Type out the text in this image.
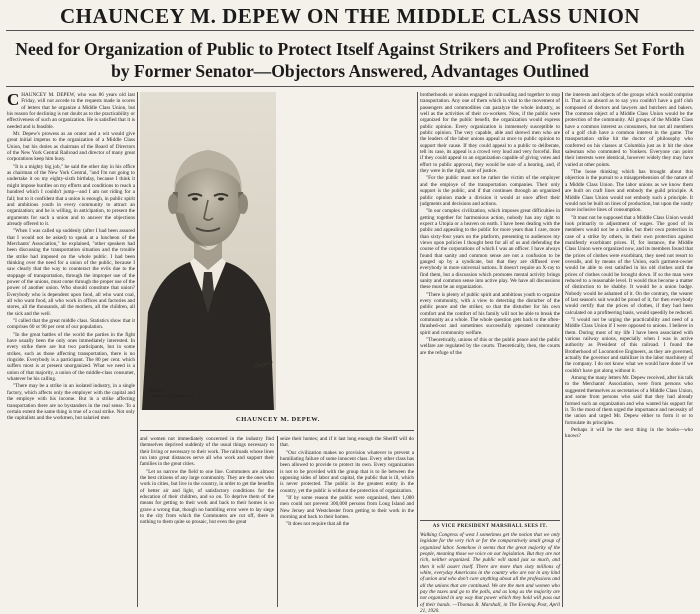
CHAUNCEY M. DEPEW ON THE MIDDLE CLASS UNION
Need for Organization of Public to Protect Itself Against Strikers and Profiteers Set Forth by Former Senator—Objectors Answered, Advantages Outlined

CHAUNCEY M. DEPEW, who was 86 years old last Friday, will not accede to the requests made in scores of letters that he organize a Middle Class Union, but his reason for declining is not doubt as to the practicability or effectiveness of such an organization. He is satisfied that it is needed and is feasible.

Mr. Depew's prowess as an orator and a wit would give great initial impetus to the organization of a Middle Class Union, but his duties as chairman of the Board of Directors of the New York Central Railroad and director of many great corporations keep him busy.

"It is a mighty big job," he said the other day in his office as chairman of the New York Central, "and I'm not going to undertake it on my eighty-sixth birthday, because I think it might impose hurdles on my efforts and conditions to reach a hundred which I couldn't jump—and I am not riding for a fall; but to it confident that a union is enough, in public spirit and ambitious youth in every community to attract an organization; and he is willing, in anticipation, to present the arguments for such a union and to answer the objections already offered to it.

"When I was called up suddenly (after I had been assured that I would not be asked) to speak at a luncheon of the Merchants' Association," he explained, "other speakers had been discussing the transportation situation and the trouble the strike had imposed on the whole public. I had been thinking over the need for a union of the public, because I saw clearly that the way to counteract the evils due to the stoppage of transportation, through the improper use of the power of the unions, must come through the proper use of the power of another union. Who should constitute that union? Everybody who is dependent upon food, all who want coal, all who want food, all who work in offices and factories and stores, all the thousands, all the mothers, all the children, all the sick and the well.

"I called that the great middle class. Statistics show that it comprises 60 or 90 per cent of our population.

"In the great battles of the world the parties in the fight have usually been the only ones immediately interested. In every strike there are but two participants, but in some strikes, such as those affecting transportation, there is no ringside. Everybody is a participant. The 80 per cent. which suffers most is at present unorganized. What we need is a union of that majority, a union of the middle-class consumer, whatever be his calling.

"There may be a strike in an isolated industry, in a single factory, which affects only the employer with the capital and the employe with his income. But in a strike affecting transportation there are no bystanders in the real sense. To a certain extent the same thing is true of a coal strike. Not only the capitalists and the workmen, but salaried men

Depew
Photo ©
Underwood & Underwood
CHAUNCEY M. DEPEW.

and women not immediately concerned in the industry find themselves deprived suddenly of the usual things necessary to their living or necessary to their work. The railroads whose lines run into great distances serve all who work and support their families in the great cities.

"Let us narrow the field to one line. Commuters are almost the best citizens of any large community. They are the ones who work in cities, but live in the country, in order to get the benefits of better air and light, of satisfactory conditions for the education of their children, and so on. To deprive them of the means for getting to their work and back to their homes is so grave a wrong that, though no humbling error were to lay siege to the city from which the Commuters are cut off, there is nothing to them quite so prosaic, but even the great

seize their homes; and if it last long enough the Sheriff will do that.

"Our civilization makes no provision whatever to prevent a humiliating failure of some innocent class. Every other class has been allowed to provide to protect its own. Every organization is not to be provided with the group that is to lie between the opposing sides of labor and capital, the public that is ill, which is never protected. The public is the greatest entity in the country, yet the public is without the protection of organization.

"If by some reason the public were organized, then 1,000 men could not prevent 300,000 persons from Long Island and New Jersey and Westchester from getting to their work in the morning and back to their homes.

"It does not require that all the

brotherhoods or unions engaged in railroading and together to stop transportation. Any one of them which is vital to the movement of passengers and commodities can paralyze the whole industry, as well as the activities of their co-workers. Now, if the public were organized for the public benefit, the organization would express public opinion. Every organization is immensely susceptible to public opinion. The very capable, able and shrewd men who are the leaders of the labor unions appeal at once to public opinion to support their cause. If they could appeal to a public to deliberate, tell its case, its appeal is a crowd very loud and very forceful. But if they could appeal to an organization capable of giving votes and effort to public approval, they would be sure of a hearing, and, if they were in the right, sure of justice.

"For the public must not be rather the victim of the employer and the employe of the transportation companies. Their only support is the public, and if that continues through an organized public opinion made a division it would at once affect their judgments and decisions and actions.

"In our complex civilization, which imposes great difficulties in getting together for harmonious action, nobody has any right to expect a Utopia or a heaven on earth. I have been dealing with the public and appealing to the public for more years than I care, more than sixty-four years on the platform, presenting to audiences my views upon policies I thought best for all of us and defending the course of the corporations of which I was an officer. I have always found that sanity and common sense are not a confusion to be gauged up by a syndicate, but that they are diffused over everybody in more universal nations. It doesn't require an X-ray to find them, but a discussion which promotes mental activity brings sanity and common sense into active play. We have all discussions these must be an organization.

"There is plenty of public spirit and ambitious youth to organize every community, with a view to detecting the disturber of the public peace and the striker, so that the disturber for his own comfort and the comfort of his family will not be able to break the community as a whole. The whole question gets back to the often-thrashed-out and sometimes successfully operated community spirit and community welfare.

"Theoretically, unions of this or the public peace and the public welfare are regulated by the courts. Theoretically, then, the courts are the refuge of the

AS VICE PRESIDENT MARSHALL SEES IT.
Walking Congress of west I sometimes get the notion that we only legislate for the very rich or for the comparatively small group of organized labor. Somehow it seems that the great majority of the people, meaning those we voice on our legislation. But they are not rich, neither organized. The public will stand just so much, and then it will assert itself. There are more than sixty millions of white, everyday Americans in the country who are not in any kind of union and who don't care anything about all the professions and all the unions that are continued. We are the men and women who pay the taxes and go to the polls, and as long as the majority are not organized in any way that power which they hold will pass out of their hands. —Thomas R. Marshall, in The Evening Post, April 21, 1920.

the interests and objects of the groups which would comprise it. That is as absurd as to say you couldn't have a golf club composed of doctors and lawyers and butchers and bakers. The common object of a Middle Class Union would be the protection of the community. All groups of the Middle Class have a common interest as consumers, but not all members of a golf club have a common interest in the game. The transportation strike hit the doctor of philosophy who conferred on his classes at Columbia just as it hit the shoe salesman who commuted to Yonkers. Everyone can point their interests were identical, however widely they may have varied at other points.

"The loose thinking which has brought about this objection is the pursuit to a misapprehension of the nature of a Middle Class Union. The labor unions as we know them are built on craft lines and embody the guild principle. A Middle Class Union would not embody such a principle. It would not be built on lines of production, but upon the vastly more inclusive lines of consumption.

"It must not be supposed that a Middle Class Union would look primarily to adjustment of wages. The good of its members would not be a strike, but their own protection in case of a strike by others, in their own protection against manifestly exorbitant prices. If, for instance, the Middle Class Union were organized now, and its members found that the prices of clothes were exorbitant, they need not resort to overalls, and by means of the Union, each garment-owner would be able to rest satisfied in his old clothes until the prices of clothes could be brought down. If so the man were reduced to a reasonable level. It would thus become a matter of distinction to be shabby. It would be a union badge. Nobody would be ashamed of it. On the contrary, the wearer of last season's suit would be proud of it, for then everybody would certify that the prices of clothes, if they had been calculated on a profiteering basis, would speedily be reduced.

"I would not be urging the practicability and need of a Middle Class Union if I were opposed to unions. I believe in them. During most of my life I have been associated with various railway unions, especially when I was in active authority as President of this railroad. I found the Brotherhood of Locomotive Engineers, as they are governed, actually the governor and stabilizer in the labor machinery of the company. I do not know what we would have done if we couldn't have got along without it.

Among the many letters Mr. Depew received, after his talk to the Merchants' Association, were from persons who suggested themselves as secretaries of a Middle Class Union, and some from persons who said that they had already formed such an organization and who wanted his support for it. To the most of them urged the importance and necessity of the union and urged Mr. Depew either to form it or to formulate its principles.

Perhaps it will be the next thing in the books—who knows?
